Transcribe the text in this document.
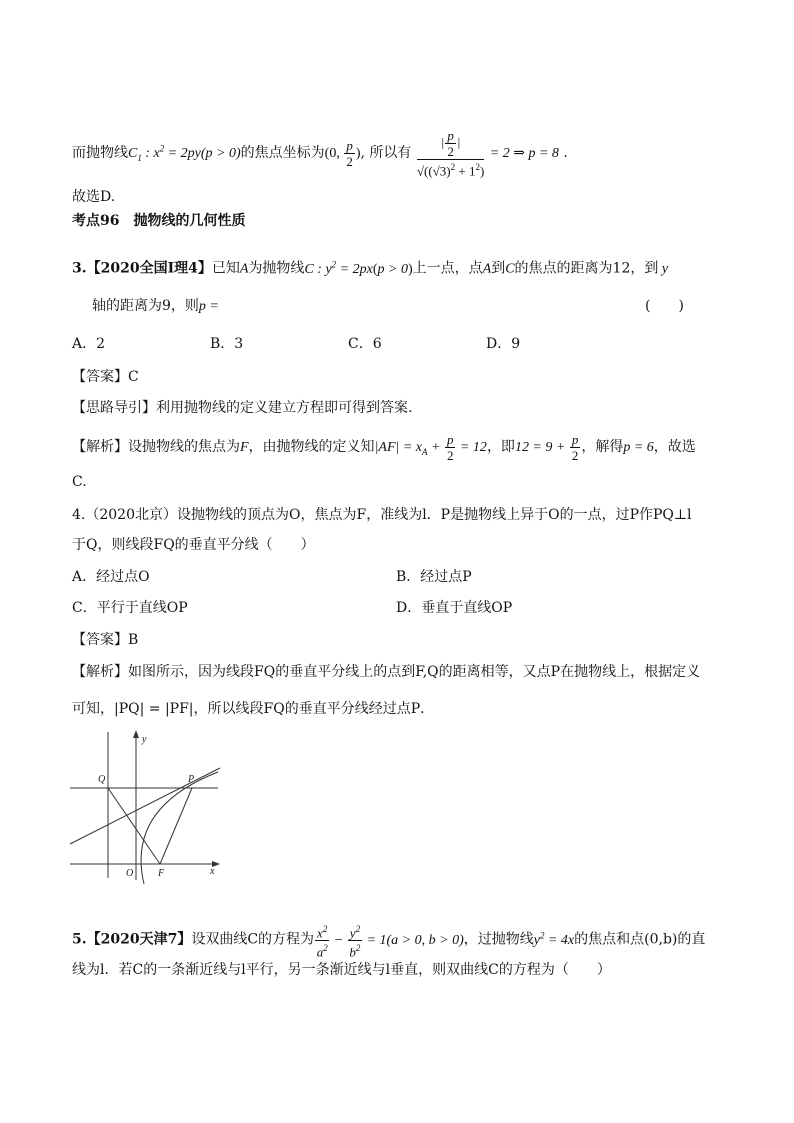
而抛物线$C_1$ : $x^2 = 2py(p > 0)$的焦点坐标为(0, $\frac{p}{2}$ ), 所以有 $\frac{| \frac{p}{2} |}{√((√3)^2 + 1^2)} = 2$ ⇒ p = 8 .
故选D.
考点96　抛物线的几何性质
3.【2020全国Ⅰ理4】已知A为抛物线C : $y^2 = 2px(p > 0)$上一点，点A到C的焦点的距离为12，到 y
轴的距离为9，则p =	(　　)
A．2	B．3	C．6	D．9
【答案】C
【思路导引】利用抛物线的定义建立方程即可得到答案.
【解析】设抛物线的焦点为F，由抛物线的定义知$|AF| = x_A + \frac{p}{2} = 12$，即$12 = 9 + \frac{p}{2}$ ，解得p = 6，故选
C.
4.（2020北京）设抛物线的顶点为O，焦点为F，准线为l．P是抛物线上异于O的一点，过P作PQ⊥l
于Q，则线段FQ的垂直平分线（　　）
A．经过点O	B．经过点P
C．平行于直线OP	D．垂直于直线OP
【答案】B
【解析】如图所示，因为线段FQ的垂直平分线上的点到F,Q的距离相等，又点P在抛物线上，根据定义
可知，|PQ| = |PF|，所以线段FQ的垂直平分线经过点P．
y
x
Q	P
O F
5.【2020天津7】设双曲线C的方程为 $\frac{x^2}{a^2} - \frac{y^2}{b^2} = 1(a > 0$, b > 0)，过抛物线$y^2 = 4x$的焦点和点(0,b)的直
线为l．若C的一条渐近线与l平行，另一条渐近线与l垂直，则双曲线C的方程为（　　）
